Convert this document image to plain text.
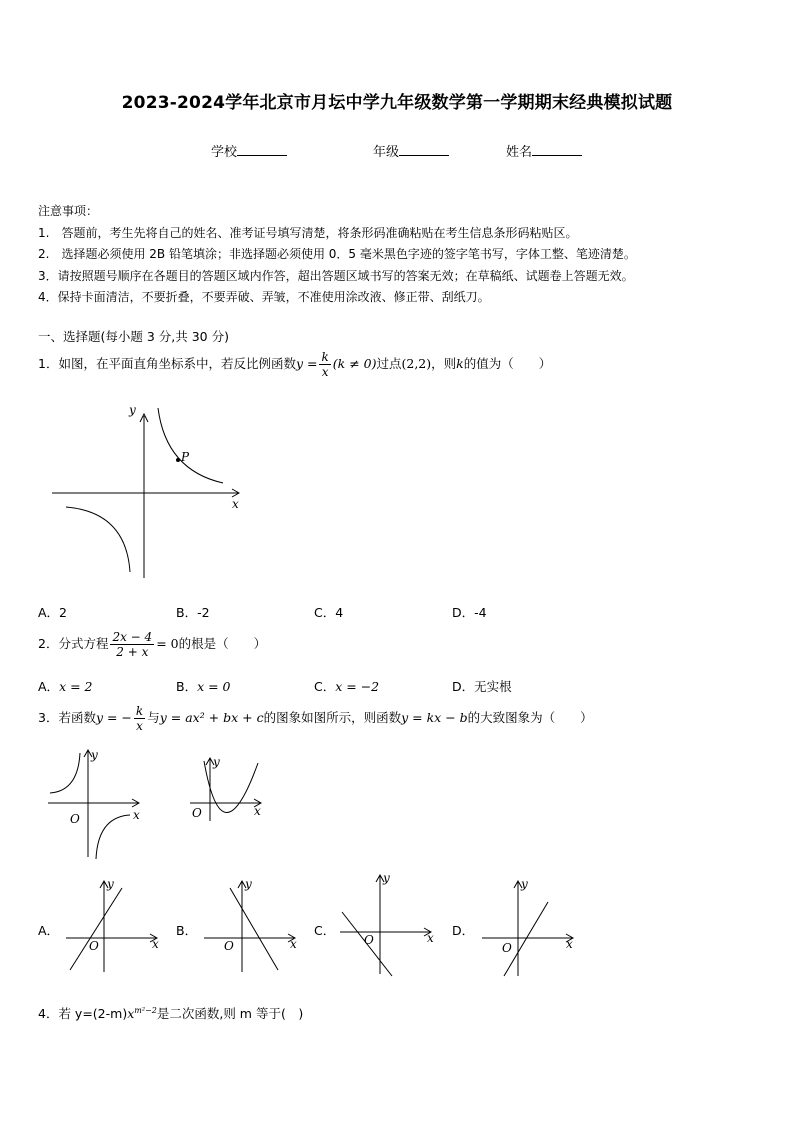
2023-2024学年北京市月坛中学九年级数学第一学期期末经典模拟试题
学校	年级	姓名

注意事项：

1.　答题前，考生先将自己的姓名、准考证号填写清楚，将条形码准确粘贴在考生信息条形码粘贴区。

2.　选择题必须使用 2B 铅笔填涂；非选择题必须使用 0．5 毫米黑色字迹的签字笔书写，字体工整、笔迹清楚。

3．请按照题号顺序在各题目的答题区域内作答，超出答题区域书写的答案无效；在草稿纸、试题卷上答题无效。

4．保持卡面清洁，不要折叠，不要弄破、弄皱，不准使用涂改液、修正带、刮纸刀。

一、选择题(每小题 3 分,共 30 分)
1．如图，在平面直角坐标系中，若反比例函数$y = \frac{k}{x} (k \ne 0)$过点(2,2)，则k的值为（　　）
P
y
x
A．2	B．-2	C．4	D．-4
2．分式方程 $\frac{2x - 4}{2 + x} = 0$的根是（　　）
A．x = 2	B．x = 0	C．x = −2	D．无实根
3．若函数y = − $\frac{k}{x}$ 与y = ax² + bx + c的图象如图所示，则函数y = kx − b的大致图象为（　　）
y
x
O
y
x
O
A．
y
x
O
B．
y
x
O
C．
y
x
O
D．
y
x
O
4．若 $y=(2-m)x^{m^2-2}$是二次函数,则 m 等于(　)
